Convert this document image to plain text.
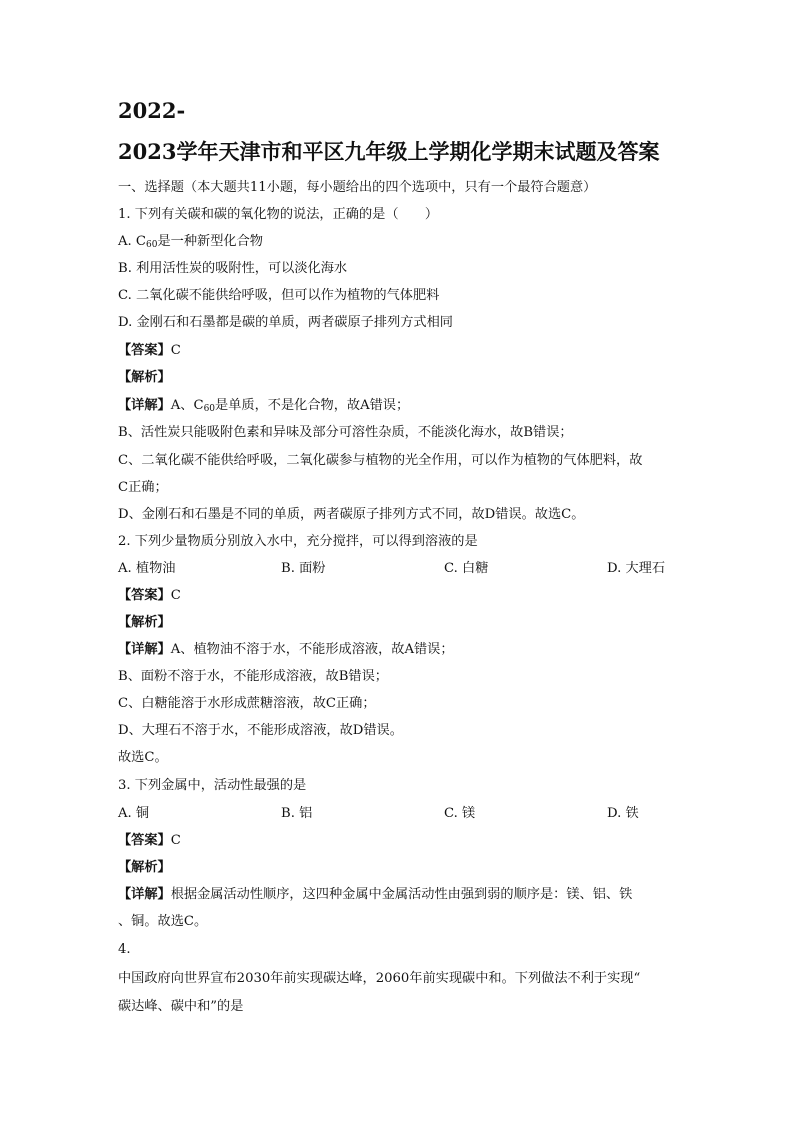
2022-
2023学年天津市和平区九年级上学期化学期末试题及答案
一、选择题（本大题共11小题，每小题给出的四个选项中，只有一个最符合题意）
1. 下列有关碳和碳的氧化物的说法，正确的是（　　）
A. $C_{60}$是一种新型化合物
B. 利用活性炭的吸附性，可以淡化海水
C. 二氧化碳不能供给呼吸，但可以作为植物的气体肥料
D. 金刚石和石墨都是碳的单质，两者碳原子排列方式相同
【答案】C
【解析】
【详解】A、$C_{60}$是单质，不是化合物，故A错误；
B、活性炭只能吸附色素和异味及部分可溶性杂质，不能淡化海水，故B错误；
C、二氧化碳不能供给呼吸，二氧化碳参与植物的光全作用，可以作为植物的气体肥料，故
C正确；
D、金刚石和石墨是不同的单质，两者碳原子排列方式不同，故D错误。故选C。
2. 下列少量物质分别放入水中，充分搅拌，可以得到溶液的是
A. 植物油	B. 面粉	C. 白糖	D. 大理石
【答案】C
【解析】
【详解】A、植物油不溶于水，不能形成溶液，故A错误；
B、面粉不溶于水，不能形成溶液，故B错误；
C、白糖能溶于水形成蔗糖溶液，故C正确；
D、大理石不溶于水，不能形成溶液，故D错误。
故选C。
3. 下列金属中，活动性最强的是
A. 铜	B. 铝	C. 镁	D. 铁
【答案】C
【解析】
【详解】根据金属活动性顺序，这四种金属中金属活动性由强到弱的顺序是：镁、铝、铁
、铜。故选C。
4.
中国政府向世界宣布2030年前实现碳达峰，2060年前实现碳中和。下列做法不利于实现“
碳达峰、碳中和”的是
